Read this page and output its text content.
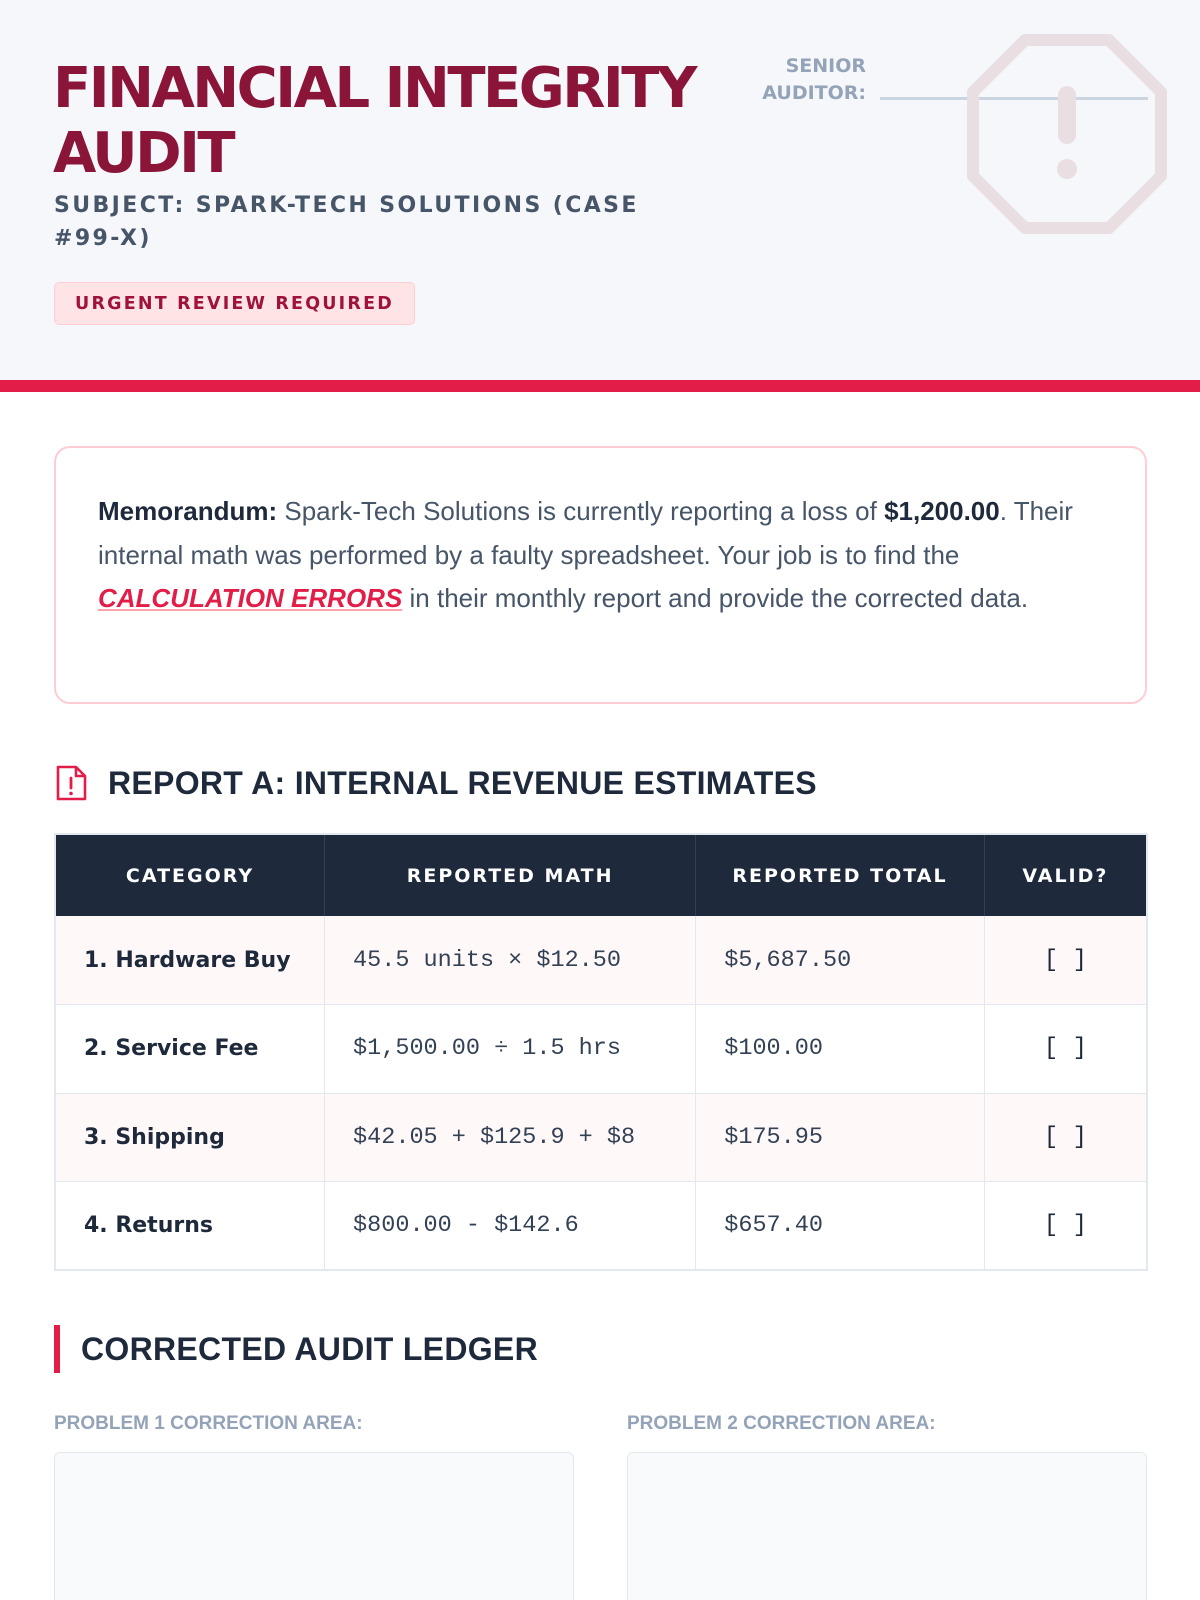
FINANCIAL INTEGRITY AUDIT
SUBJECT: SPARK-TECH SOLUTIONS (CASE #99-X)
URGENT REVIEW REQUIRED
SENIOR AUDITOR:
Memorandum: Spark-Tech Solutions is currently reporting a loss of $1,200.00. Their internal math was performed by a faulty spreadsheet. Your job is to find the CALCULATION ERRORS in their monthly report and provide the corrected data.
REPORT A: INTERNAL REVENUE ESTIMATES
CATEGORY	REPORTED MATH	REPORTED TOTAL	VALID?
1. Hardware Buy	45.5 units × $12.50	$5,687.50	[ ]
2. Service Fee	$1,500.00 ÷ 1.5 hrs	$100.00	[ ]
3. Shipping	$42.05 + $125.9 + $8	$175.95	[ ]
4. Returns	$800.00 - $142.6	$657.40	[ ]
CORRECTED AUDIT LEDGER
PROBLEM 1 CORRECTION AREA:	PROBLEM 2 CORRECTION AREA:
